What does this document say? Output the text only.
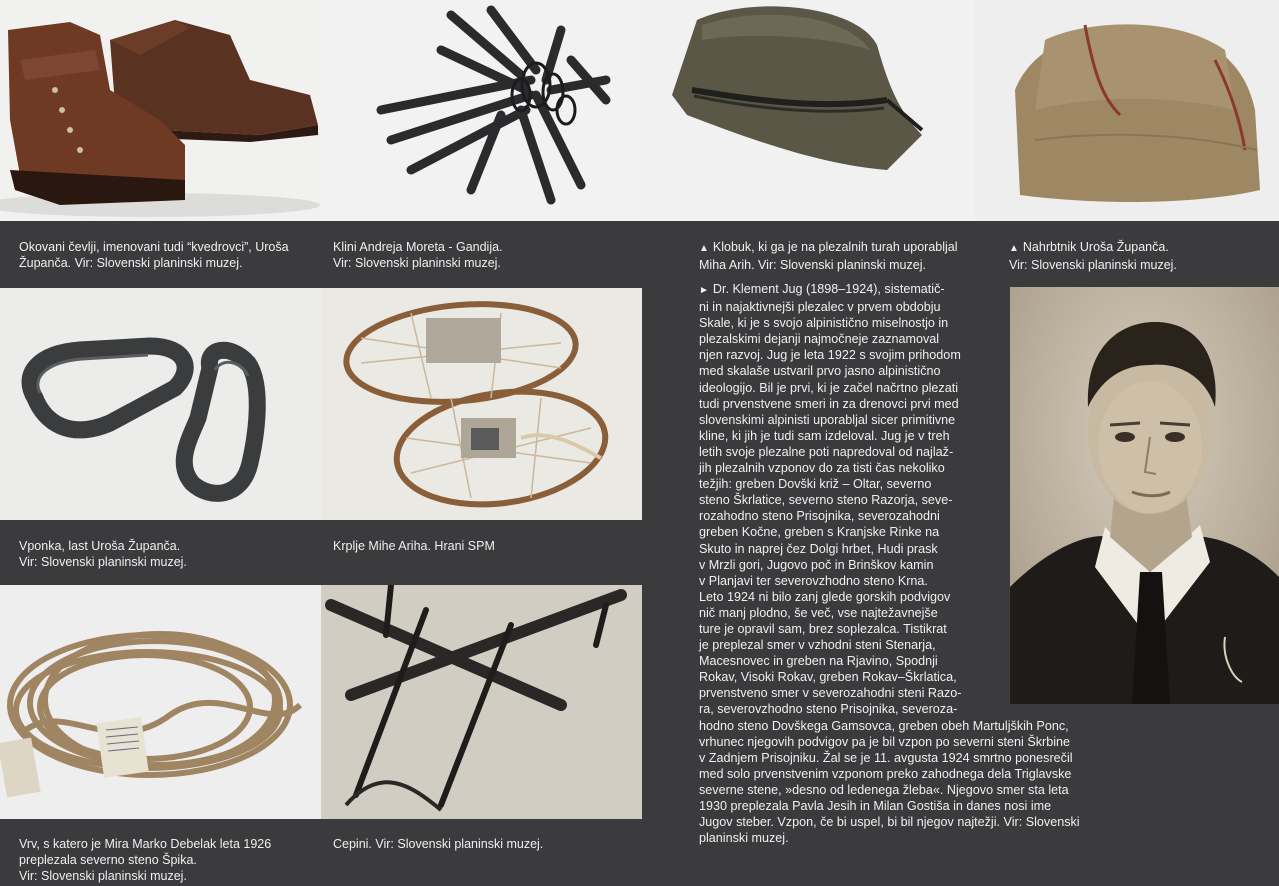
Okovani čevlji, imenovani tudi “kvedrovci”, Uroša
Županča. Vir: Slovenski planinski muzej.
Klini Andreja Moreta - Gandija.
Vir: Slovenski planinski muzej.
▲ Klobuk, ki ga je na plezalnih turah uporabljal
Miha Arih. Vir: Slovenski planinski muzej.
▲ Nahrbtnik Uroša Županča.
Vir: Slovenski planinski muzej.
Vponka, last Uroša Županča.
Vir: Slovenski planinski muzej.
Krplje Mihe Ariha. Hrani SPM
Vrv, s katero je Mira Marko Debelak leta 1926
preplezala severno steno Špika.
Vir: Slovenski planinski muzej.
Cepini. Vir: Slovenski planinski muzej.
► Dr. Klement Jug (1898–1924), sistematič-
ni in najaktivnejši plezalec v prvem obdobju
Skale, ki je s svojo alpinistično miselnostjo in
plezalskimi dejanji najmočneje zaznamoval
njen razvoj. Jug je leta 1922 s svojim prihodom
med skalaše ustvaril prvo jasno alpinistično
ideologijo. Bil je prvi, ki je začel načrtno plezati
tudi prvenstvene smeri in za drenovci prvi med
slovenskimi alpinisti uporabljal sicer primitivne
kline, ki jih je tudi sam izdeloval. Jug je v treh
letih svoje plezalne poti napredoval od najlaž-
jih plezalnih vzponov do za tisti čas nekoliko
težjih: greben Dovški križ – Oltar, severno
steno Škrlatice, severno steno Razorja, seve-
rozahodno steno Prisojnika, severozahodni
greben Kočne, greben s Kranjske Rinke na
Skuto in naprej čez Dolgi hrbet, Hudi prask
v Mrzli gori, Jugovo poč in Brinškov kamin
v Planjavi ter severovzhodno steno Krna.
Leto 1924 ni bilo zanj glede gorskih podvigov
nič manj plodno, še več, vse najtežavnejše
ture je opravil sam, brez soplezalca. Tistikrat
je preplezal smer v vzhodni steni Stenarja,
Macesnovec in greben na Rjavino, Spodnji
Rokav, Visoki Rokav, greben Rokav–Škrlatica,
prvenstveno smer v severozahodni steni Razo-
ra, severovzhodno steno Prisojnika, severoza-
hodno steno Dovškega Gamsovca, greben obeh Martuljških Ponc,
vrhunec njegovih podvigov pa je bil vzpon po severni steni Škrbine
v Zadnjem Prisojniku. Žal se je 11. avgusta 1924 smrtno ponesrečil
med solo prvenstvenim vzponom preko zahodnega dela Triglavske
severne stene, »desno od ledenega žleba«. Njegovo smer sta leta
1930 preplezala Pavla Jesih in Milan Gostiša in danes nosi ime
Jugov steber. Vzpon, če bi uspel, bi bil njegov najtežji. Vir: Slovenski
planinski muzej.
